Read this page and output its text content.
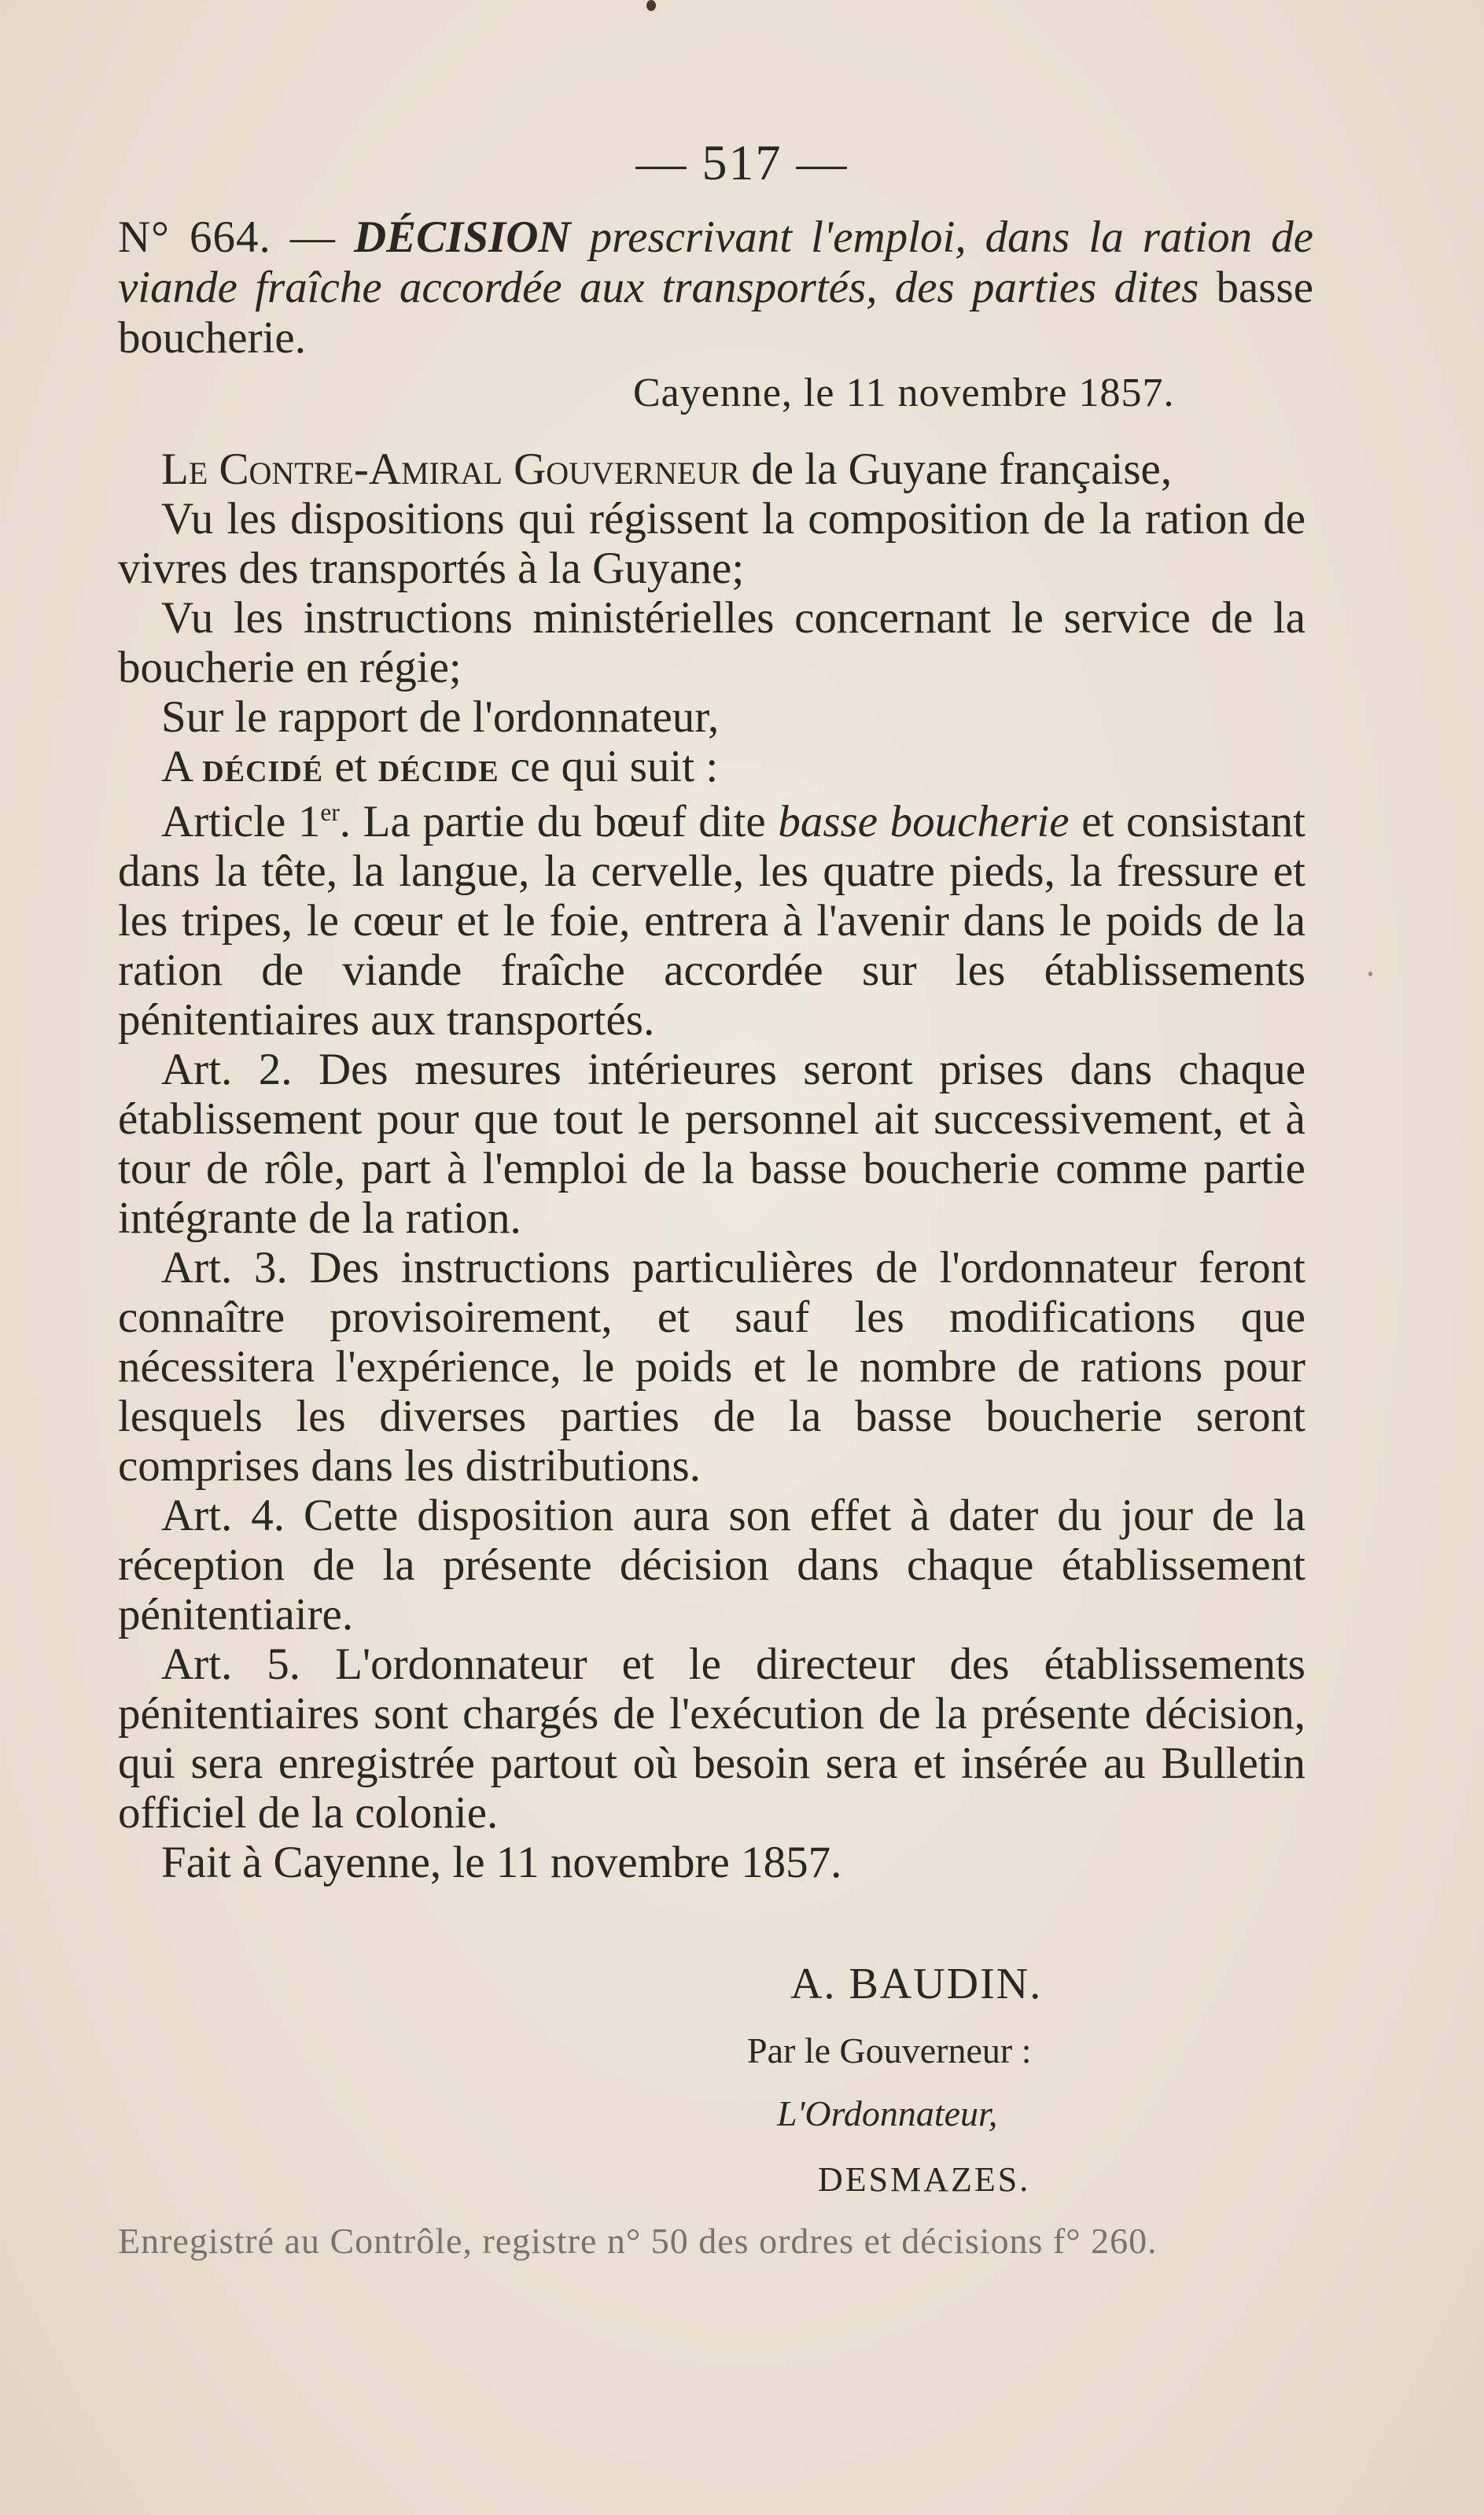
— 517 —
N° 664. — DÉCISION prescrivant l'emploi, dans la ration de viande fraîche accordée aux transportés, des parties dites basse boucherie.
Cayenne, le 11 novembre 1857.

Le Contre-Amiral Gouverneur de la Guyane française,

Vu les dispositions qui régissent la composition de la ration de vivres des transportés à la Guyane;

Vu les instructions ministérielles concernant le service de la boucherie en régie;

Sur le rapport de l'ordonnateur,

A DÉCIDÉ et DÉCIDE ce qui suit :

Article 1er. La partie du bœuf dite basse boucherie et consistant dans la tête, la langue, la cervelle, les quatre pieds, la fressure et les tripes, le cœur et le foie, entrera à l'avenir dans le poids de la ration de viande fraîche accordée sur les établissements pénitentiaires aux transportés.

Art. 2. Des mesures intérieures seront prises dans chaque établissement pour que tout le personnel ait successivement, et à tour de rôle, part à l'emploi de la basse boucherie comme partie intégrante de la ration.

Art. 3. Des instructions particulières de l'ordonnateur feront connaître provisoirement, et sauf les modifications que nécessitera l'expérience, le poids et le nombre de rations pour lesquels les diverses parties de la basse boucherie seront comprises dans les distributions.

Art. 4. Cette disposition aura son effet à dater du jour de la réception de la présente décision dans chaque établissement pénitentiaire.

Art. 5. L'ordonnateur et le directeur des établissements pénitentiaires sont chargés de l'exécution de la présente décision, qui sera enregistrée partout où besoin sera et insérée au Bulletin officiel de la colonie.

Fait à Cayenne, le 11 novembre 1857.

A. BAUDIN.
Par le Gouverneur :
L'Ordonnateur,
DESMAZES.
Enregistré au Contrôle, registre n° 50 des ordres et décisions f° 260.
